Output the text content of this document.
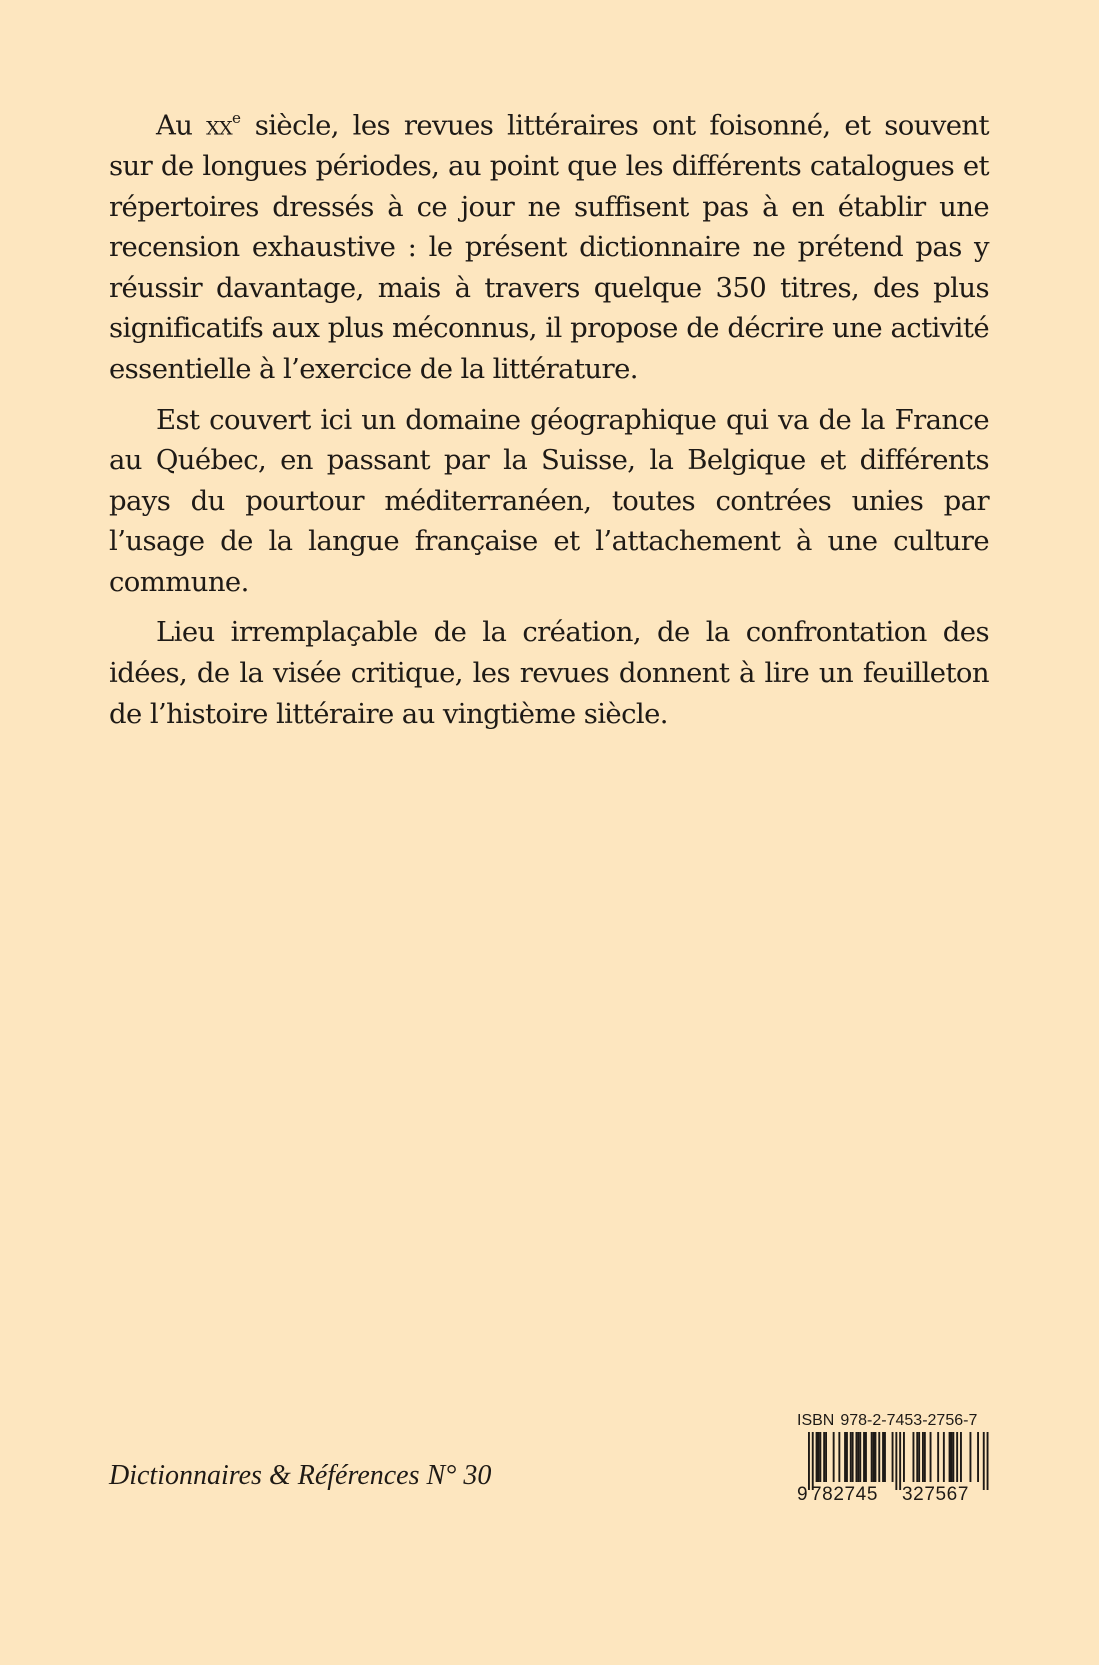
Au $xx^e$ siècle, les revues littéraires ont foisonné, et souvent sur de longues périodes, au point que les différents catalogues et répertoires dressés à ce jour ne suffisent pas à en établir une recension exhaustive : le présent dictionnaire ne prétend pas y réussir davantage, mais à travers quelque 350 titres, des plus significatifs aux plus méconnus, il propose de décrire une activité essentielle à l’exercice de la littérature.

Est couvert ici un domaine géographique qui va de la France au Québec, en passant par la Suisse, la Belgique et différents pays du pourtour méditerranéen, toutes contrées unies par l’usage de la langue française et l’attachement à une culture commune.

Lieu irremplaçable de la création, de la confrontation des idées, de la visée critique, les revues donnent à lire un feuilleton de l’histoire littéraire au vingtième siècle.

Dictionnaires & Références N° 30
ISBN 978-2-7453-2756-7
9 782745 327567
